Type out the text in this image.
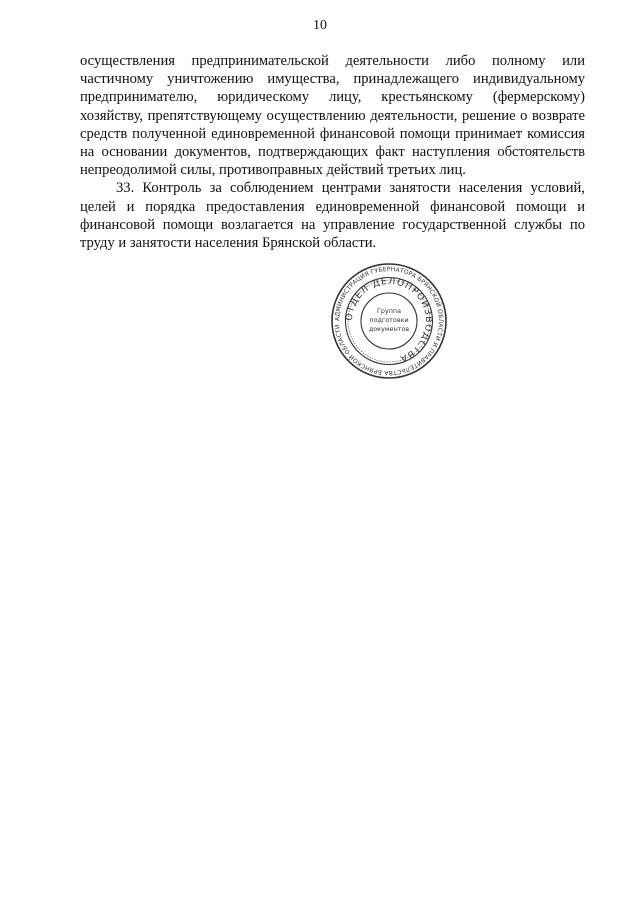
10

осуществления предпринимательской деятельности либо полному или частичному уничтожению имущества, принадлежащего индивидуальному предпринимателю, юридическому лицу, крестьянскому (фермерскому) хозяйству, препятствующему осуществлению деятельности, решение о возврате средств полученной единовременной финансовой помощи принимает комиссия на основании документов, подтверждающих факт наступления обстоятельств непреодолимой силы, противоправных действий третьих лиц.

33. Контроль за соблюдением центрами занятости населения условий, целей и порядка предоставления единовременной финансовой помощи и финансовой помощи возлагается на управление государственной службы по труду и занятости населения Брянской области.

АДМИНИСТРАЦИЯ ГУБЕРНАТОРА БРЯНСКОЙ ОБЛАСТИ И ПРАВИТЕЛЬСТВА БРЯНСКОЙ ОБЛАСТИ
ОТДЕЛ ДЕЛОПРОИЗВОДСТВА
Группа
подготовки
документов
